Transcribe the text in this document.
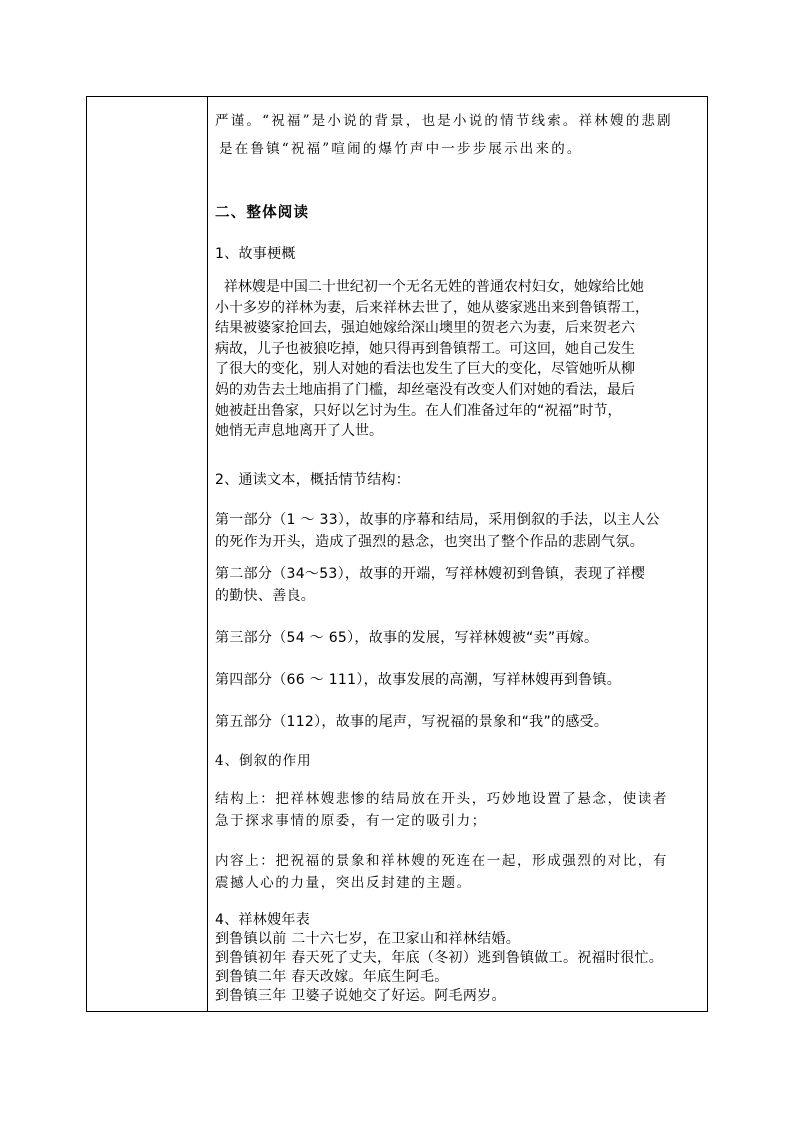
严谨。“祝福”是小说的背景，也是小说的情节线索。祥林嫂的悲剧
是在鲁镇“祝福”喧闹的爆竹声中一步步展示出来的。
二、整体阅读
1、故事梗概
祥林嫂是中国二十世纪初一个无名无姓的普通农村妇女，她嫁给比她
小十多岁的祥林为妻，后来祥林去世了，她从婆家逃出来到鲁镇帮工，
结果被婆家抢回去，强迫她嫁给深山墺里的贺老六为妻，后来贺老六
病故，儿子也被狼吃掉，她只得再到鲁镇帮工。可这回，她自己发生
了很大的变化，别人对她的看法也发生了巨大的变化，尽管她听从柳
妈的劝告去土地庙捐了门槛，却丝毫没有改变人们对她的看法，最后
她被赶出鲁家，只好以乞讨为生。在人们准备过年的“祝福”时节，
她悄无声息地离开了人世。
2、通读文本，概括情节结构：
第一部分（1 ～ 33），故事的序幕和结局，采用倒叙的手法，以主人公
的死作为开头，造成了强烈的悬念，也突出了整个作品的悲剧气氛。
第二部分（34～53），故事的开端，写祥林嫂初到鲁镇，表现了祥樱
的勤快、善良。
第三部分（54 ～ 65），故事的发展，写祥林嫂被“卖”再嫁。
第四部分（66 ～ 111），故事发展的高潮，写祥林嫂再到鲁镇。
第五部分（112），故事的尾声，写祝福的景象和“我”的感受。
4、倒叙的作用
结构上：把祥林嫂悲惨的结局放在开头，巧妙地设置了悬念，使读者
急于探求事情的原委，有一定的吸引力；
内容上：把祝福的景象和祥林嫂的死连在一起，形成强烈的对比，有
震撼人心的力量，突出反封建的主题。
4、祥林嫂年表
到鲁镇以前 二十六七岁，在卫家山和祥林结婚。
到鲁镇初年 春天死了丈夫，年底（冬初）逃到鲁镇做工。祝福时很忙。
到鲁镇二年 春天改嫁。年底生阿毛。
到鲁镇三年 卫婆子说她交了好运。阿毛两岁。
